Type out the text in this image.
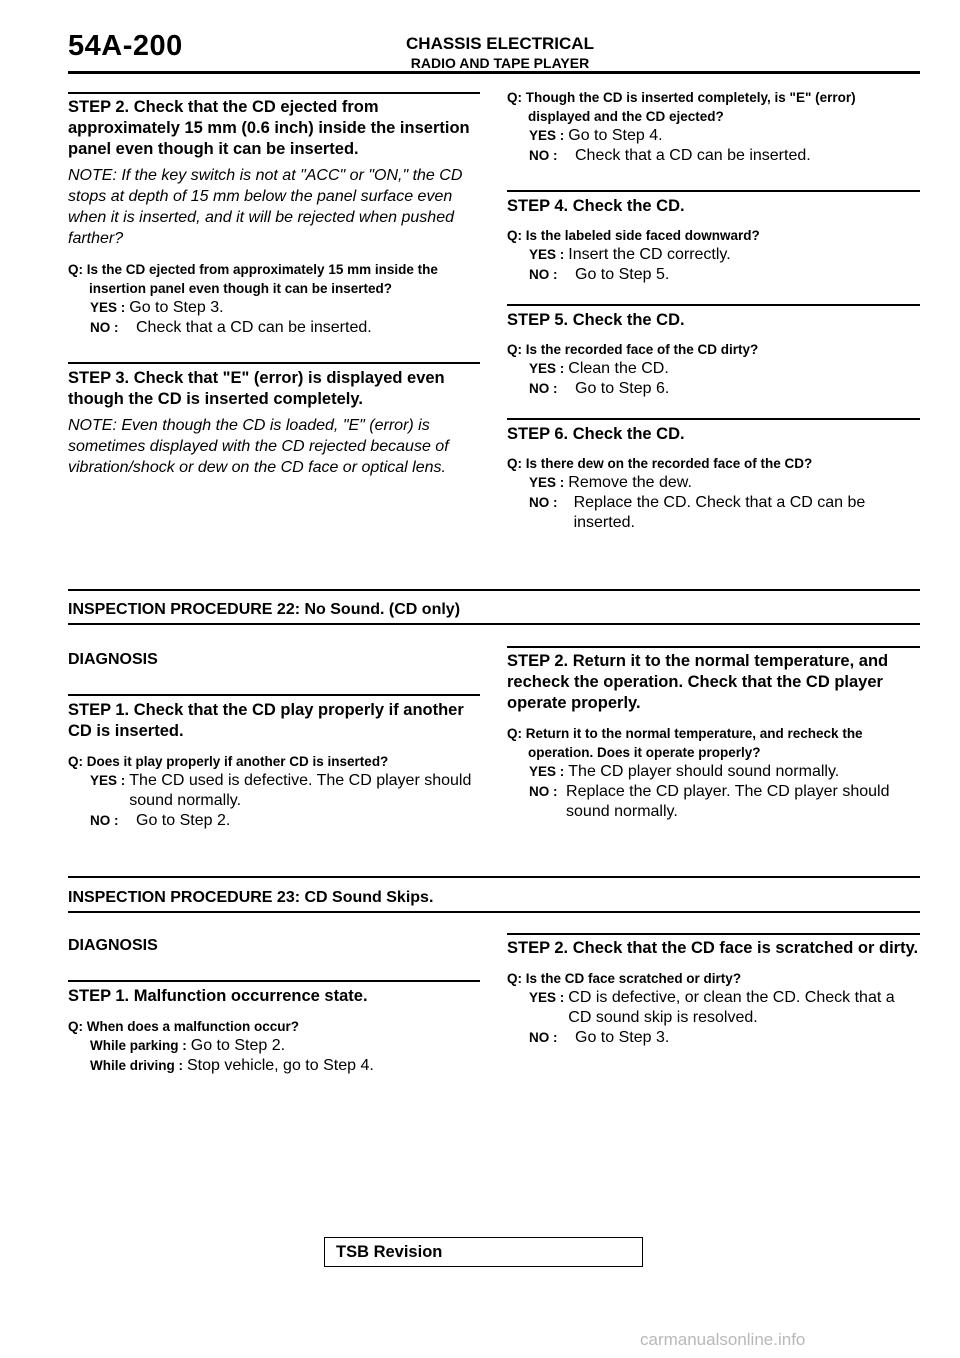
54A-200	CHASSIS ELECTRICAL
RADIO AND TAPE PLAYER
STEP 2. Check that the CD ejected from approximately 15 mm (0.6 inch) inside the insertion panel even though it can be inserted.
NOTE: If the key switch is not at "ACC" or "ON," the CD stops at depth of 15 mm below the panel surface even when it is inserted, and it will be rejected when pushed farther?
Q: Is the CD ejected from approximately 15 mm inside the insertion panel even though it can be inserted?
YES : Go to Step 3.
NO :	Check that a CD can be inserted.
STEP 3. Check that "E" (error) is displayed even though the CD is inserted completely.
NOTE: Even though the CD is loaded, "E" (error) is sometimes displayed with the CD rejected because of vibration/shock or dew on the CD face or optical lens.
Q: Though the CD is inserted completely, is "E" (error) displayed and the CD ejected?
YES : Go to Step 4.
NO :	Check that a CD can be inserted.
STEP 4. Check the CD.
Q: Is the labeled side faced downward?
YES : Insert the CD correctly.
NO :	Go to Step 5.
STEP 5. Check the CD.
Q: Is the recorded face of the CD dirty?
YES : Clean the CD.
NO :	Go to Step 6.
STEP 6. Check the CD.
Q: Is there dew on the recorded face of the CD?
YES : Remove the dew.
NO :	Replace the CD. Check that a CD can be inserted.
INSPECTION PROCEDURE 22: No Sound. (CD only)
DIAGNOSIS
STEP 1. Check that the CD play properly if another CD is inserted.
Q: Does it play properly if another CD is inserted?
YES : The CD used is defective. The CD player should sound normally.
NO :	Go to Step 2.
STEP 2. Return it to the normal temperature, and recheck the operation. Check that the CD player operate properly.
Q: Return it to the normal temperature, and recheck the operation. Does it operate properly?
YES : The CD player should sound normally.
NO : Replace the CD player. The CD player should sound normally.
INSPECTION PROCEDURE 23: CD Sound Skips.
DIAGNOSIS
STEP 1. Malfunction occurrence state.
Q: When does a malfunction occur?
While parking : Go to Step 2.
While driving : Stop vehicle, go to Step 4.
STEP 2. Check that the CD face is scratched or dirty.
Q: Is the CD face scratched or dirty?
YES : CD is defective, or clean the CD. Check that a CD sound skip is resolved.
NO :	Go to Step 3.
TSB Revision
carmanualsonline.info
